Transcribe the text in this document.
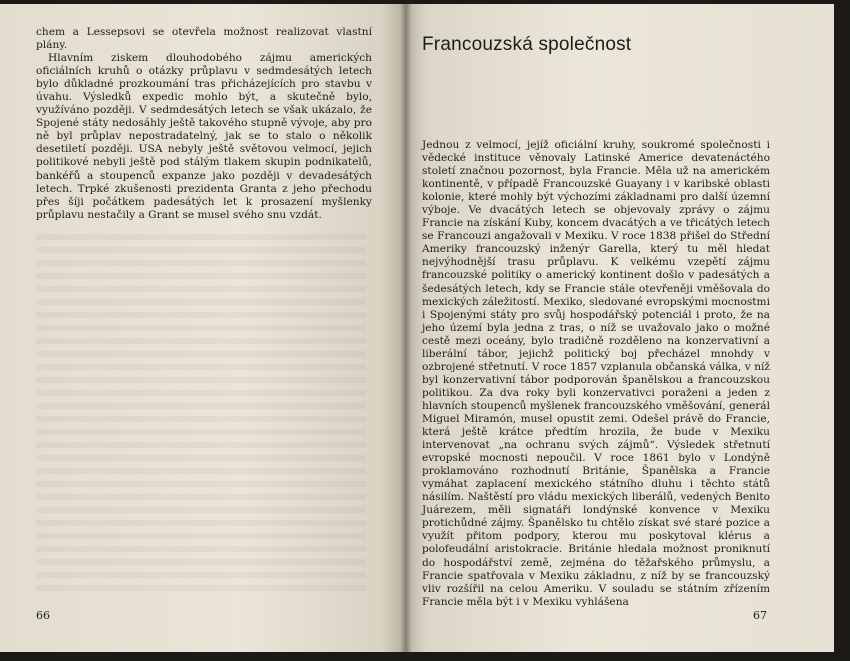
chem a Lessepsovi se otevřela možnost realizovat vlastní plány.

Hlavním ziskem dlouhodobého zájmu amerických oficiálních kruhů o otázky průplavu v sedmdesátých letech bylo důkladné prozkoumání tras přicházejících pro stavbu v úvahu. Výsledků expedic mohlo být, a skutečně bylo, využíváno později. V sedmdesátých letech se však ukázalo, že Spojené státy nedosáhly ještě takového stupně vývoje, aby pro ně byl průplav nepostradatelný, jak se to stalo o několik desetiletí později. USA nebyly ještě světovou velmocí, jejich politikové nebyli ještě pod stálým tlakem skupin podnikatelů, bankéřů a stoupenců expanze jako později v devadesátých letech. Trpké zkušenosti prezidenta Granta z jeho přechodu přes šíji počátkem padesátých let k prosazení myšlenky průplavu nestačily a Grant se musel svého snu vzdát.

66
Francouzská společnost

Jednou z velmocí, jejíž oficiální kruhy, soukromé společnosti i vědecké instituce věnovaly Latinské Americe devatenáctého století značnou pozornost, byla Francie. Měla už na americkém kontinentě, v případě Francouzské Guayany i v karibské oblasti kolonie, které mohly být výchozími základnami pro další územní výboje. Ve dvacátých letech se objevovaly zprávy o zájmu Francie na získání Kuby, koncem dvacátých a ve třicátých letech se Francouzi angažovali v Mexiku. V roce 1838 přišel do Střední Ameriky francouzský inženýr Garella, který tu měl hledat nejvýhodnější trasu průplavu. K velkému vzepětí zájmu francouzské politiky o americký kontinent došlo v padesátých a šedesátých letech, kdy se Francie stále otevřeněji vměšovala do mexických záležitostí. Mexiko, sledované evropskými mocnostmi i Spojenými státy pro svůj hospodářský potenciál i proto, že na jeho území byla jedna z tras, o níž se uvažovalo jako o možné cestě mezi oceány, bylo tradičně rozděleno na konzervativní a liberální tábor, jejichž politický boj přecházel mnohdy v ozbrojené střetnutí. V roce 1857 vzplanula občanská válka, v níž byl konzervativní tábor podporován španělskou a francouzskou politikou. Za dva roky byli konzervativci poraženi a jeden z hlavních stoupenců myšlenek francouzského vměšování, generál Miguel Miramón, musel opustit zemi. Odešel právě do Francie, která ještě krátce předtím hrozila, že bude v Mexiku intervenovat „na ochranu svých zájmů“. Výsledek střetnutí evropské mocnosti nepoučil. V roce 1861 bylo v Londýně proklamováno rozhodnutí Británie, Španělska a Francie vymáhat zaplacení mexického státního dluhu i těchto států násilím. Naštěstí pro vládu mexických liberálů, vedených Benito Juárezem, měli signatáři londýnské konvence v Mexiku protichůdné zájmy. Španělsko tu chtělo získat své staré pozice a využít přitom podpory, kterou mu poskytoval klérus a polofeudální aristokracie. Británie hledala možnost proniknutí do hospodářství země, zejména do těžařského průmyslu, a Francie spatřovala v Mexiku základnu, z níž by se francouzský vliv rozšířil na celou Ameriku. V souladu se státním zřízením Francie měla být i v Mexiku vyhlášena

67
